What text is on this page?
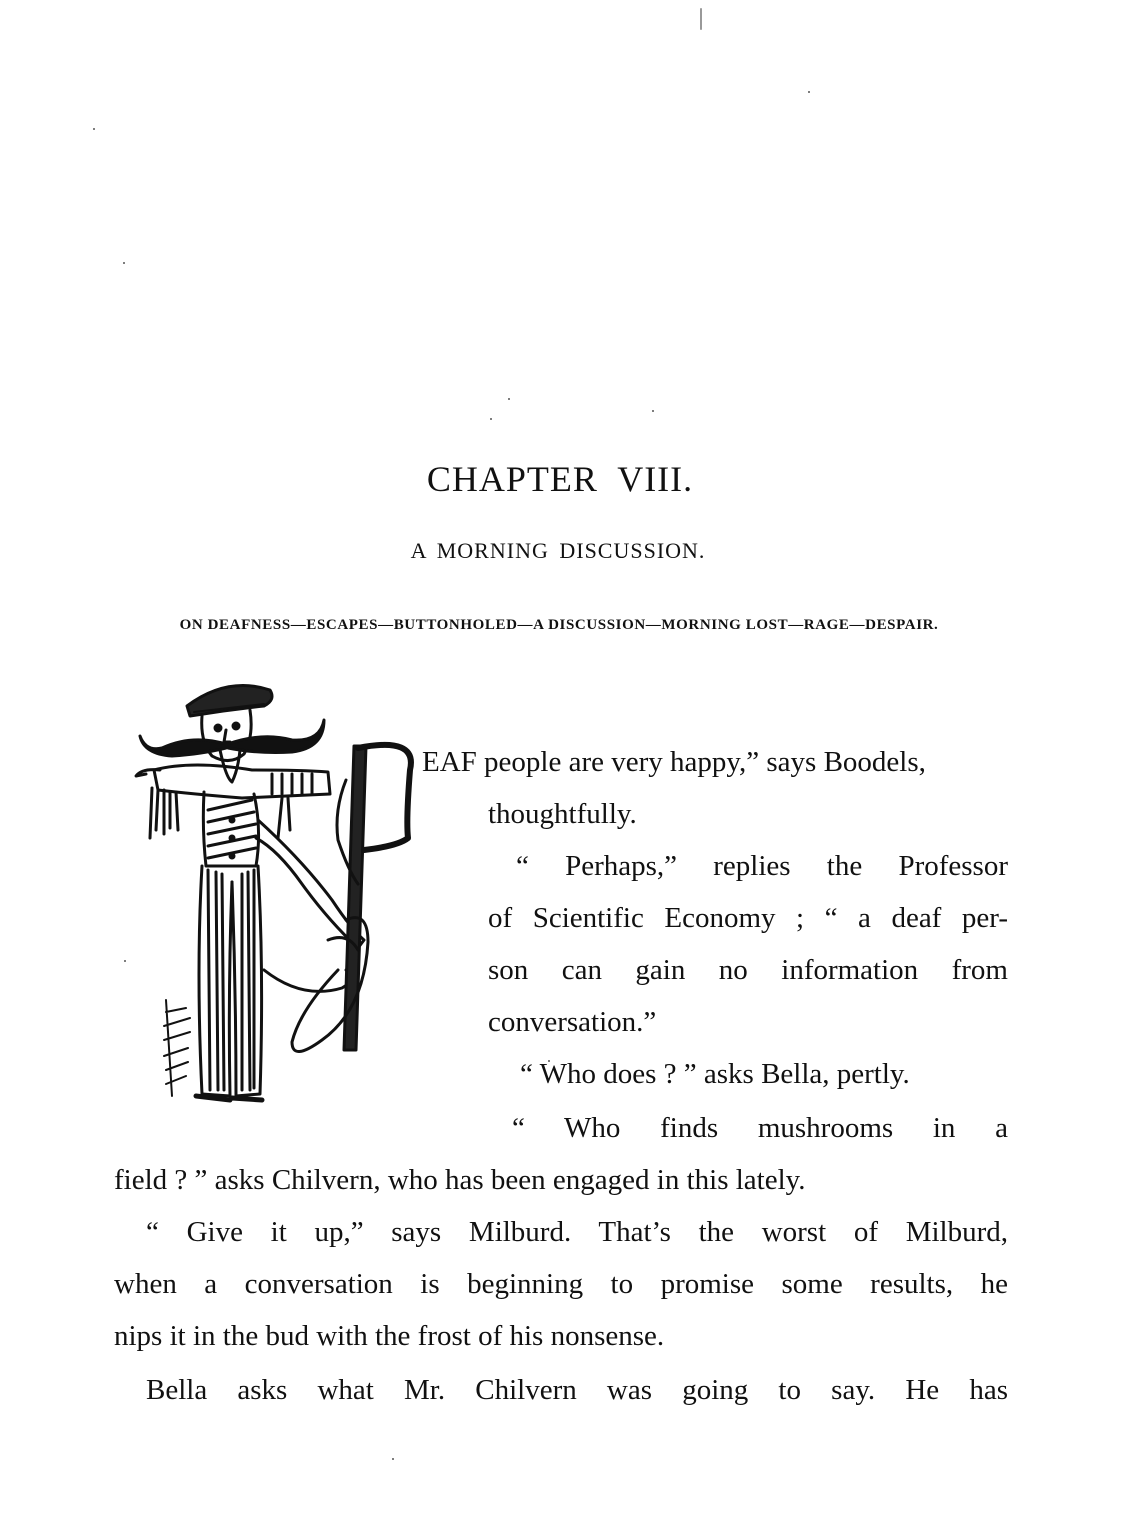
CHAPTER VIII.
A MORNING DISCUSSION.
ON DEAFNESS—ESCAPES—BUTTONHOLED—A DISCUSSION—MORNING LOST—RAGE—DESPAIR.
EAF people are very happy,” says Boodels,
thoughtfully.
“ Perhaps,” replies the Professor
of Scientific Economy ; “ a deaf per-
son can gain no information from
conversation.”
“ Who does ? ” asks Bella, pertly.
“ Who finds mushrooms in a
field ? ” asks Chilvern, who has been engaged in this lately.
“ Give it up,” says Milburd. That’s the worst of Milburd,
when a conversation is beginning to promise some results, he
nips it in the bud with the frost of his nonsense.
Bella asks what Mr. Chilvern was going to say. He has
